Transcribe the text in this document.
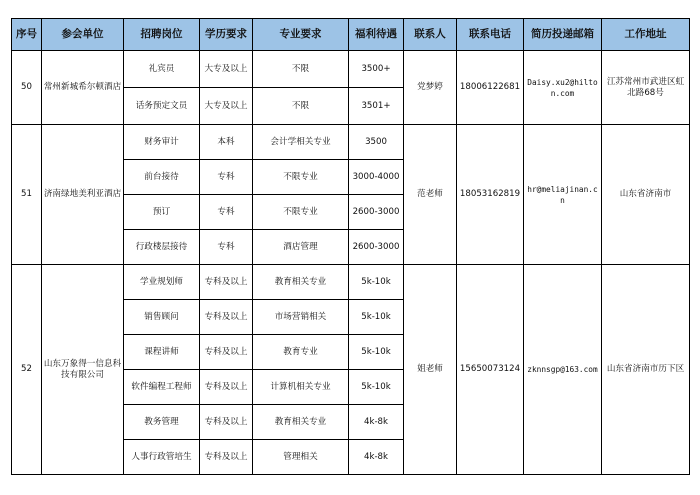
序号	参会单位	招聘岗位	学历要求	专业要求	福利待遇	联系人	联系电话	简历投递邮箱	工作地址
50	常州新城希尔顿酒店	礼宾员	大专及以上	不限	3500+	党梦婷	18006122681	Daisy.xu2@hilton.com	江苏常州市武进区虹北路68号
		话务预定文员	大专及以上	不限	3501+				
51	济南绿地美利亚酒店	财务审计	本科	会计学相关专业	3500	范老师	18053162819	hr@meliajinan.cn	山东省济南市
		前台接待	专科	不限专业	3000-4000				
		预订	专科	不限专业	2600-3000				
		行政楼层接待	专科	酒店管理	2600-3000				
52	山东万象得一信息科技有限公司	学业规划师	专科及以上	教育相关专业	5k-10k	姐老师	15650073124	zknnsgp@163.com	山东省济南市历下区
		销售顾问	专科及以上	市场营销相关	5k-10k				
		课程讲师	专科及以上	教育专业	5k-10k				
		软件编程工程师	专科及以上	计算机相关专业	5k-10k				
		教务管理	专科及以上	教育相关专业	4k-8k				
		人事行政管培生	专科及以上	管理相关	4k-8k				
